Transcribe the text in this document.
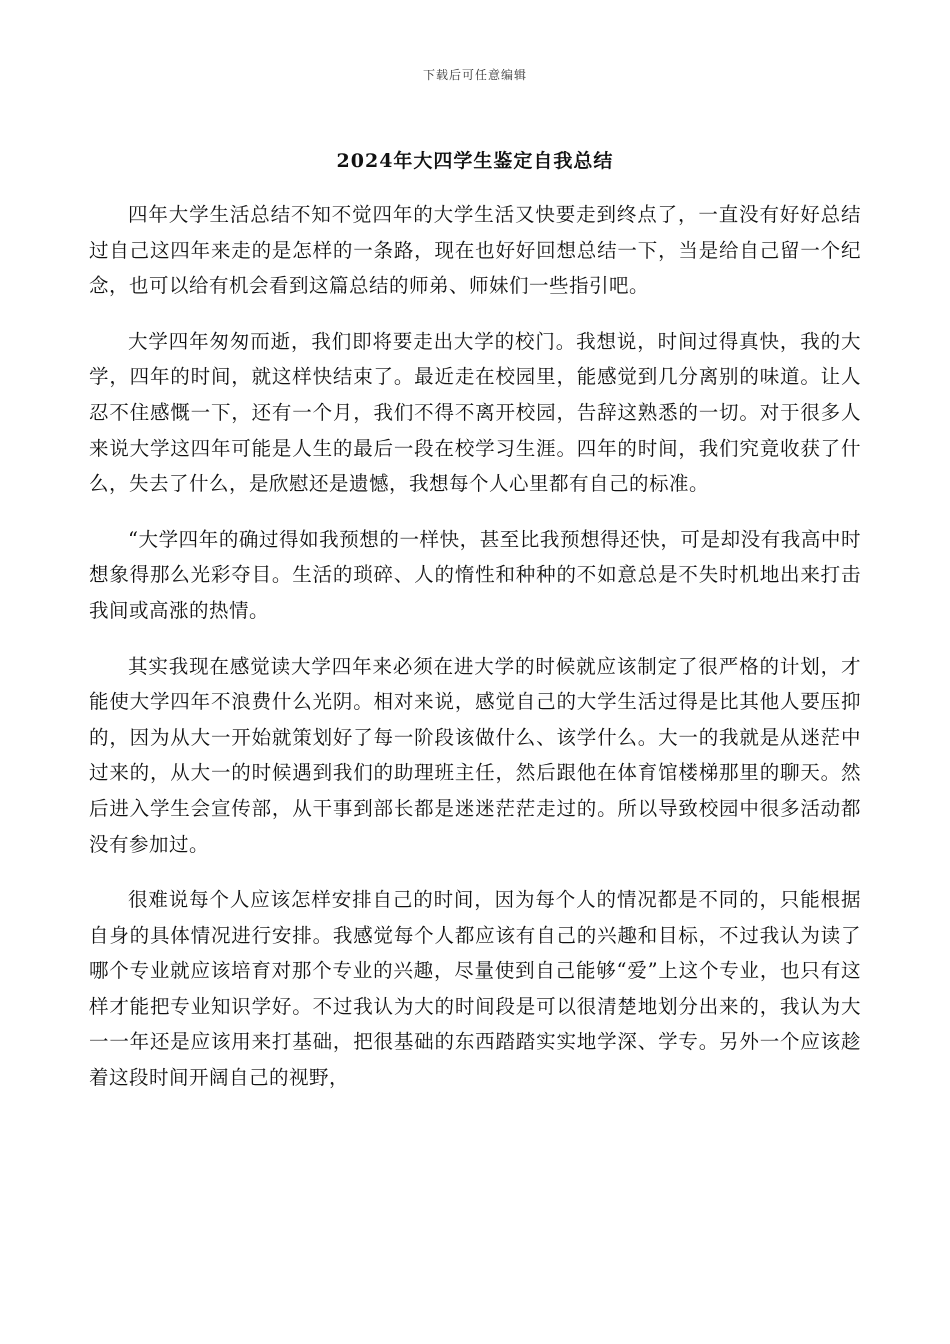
下载后可任意编辑
2024年大四学生鉴定自我总结

四年大学生活总结不知不觉四年的大学生活又快要走到终点了，一直没有好好总结过自己这四年来走的是怎样的一条路，现在也好好回想总结一下，当是给自己留一个纪念，也可以给有机会看到这篇总结的师弟、师妹们一些指引吧。

大学四年匆匆而逝，我们即将要走出大学的校门。我想说，时间过得真快，我的大学，四年的时间，就这样快结束了。最近走在校园里，能感觉到几分离别的味道。让人忍不住感慨一下，还有一个月，我们不得不离开校园，告辞这熟悉的一切。对于很多人来说大学这四年可能是人生的最后一段在校学习生涯。四年的时间，我们究竟收获了什么，失去了什么，是欣慰还是遗憾，我想每个人心里都有自己的标准。

“大学四年的确过得如我预想的一样快，甚至比我预想得还快，可是却没有我高中时想象得那么光彩夺目。生活的琐碎、人的惰性和种种的不如意总是不失时机地出来打击我间或高涨的热情。

其实我现在感觉读大学四年来必须在进大学的时候就应该制定了很严格的计划，才能使大学四年不浪费什么光阴。相对来说，感觉自己的大学生活过得是比其他人要压抑的，因为从大一开始就策划好了每一阶段该做什么、该学什么。大一的我就是从迷茫中过来的，从大一的时候遇到我们的助理班主任，然后跟他在体育馆楼梯那里的聊天。然后进入学生会宣传部，从干事到部长都是迷迷茫茫走过的。所以导致校园中很多活动都没有参加过。

很难说每个人应该怎样安排自己的时间，因为每个人的情况都是不同的，只能根据自身的具体情况进行安排。我感觉每个人都应该有自己的兴趣和目标，不过我认为读了哪个专业就应该培育对那个专业的兴趣，尽量使到自己能够“爱”上这个专业，也只有这样才能把专业知识学好。不过我认为大的时间段是可以很清楚地划分出来的，我认为大一一年还是应该用来打基础，把很基础的东西踏踏实实地学深、学专。另外一个应该趁着这段时间开阔自己的视野，
